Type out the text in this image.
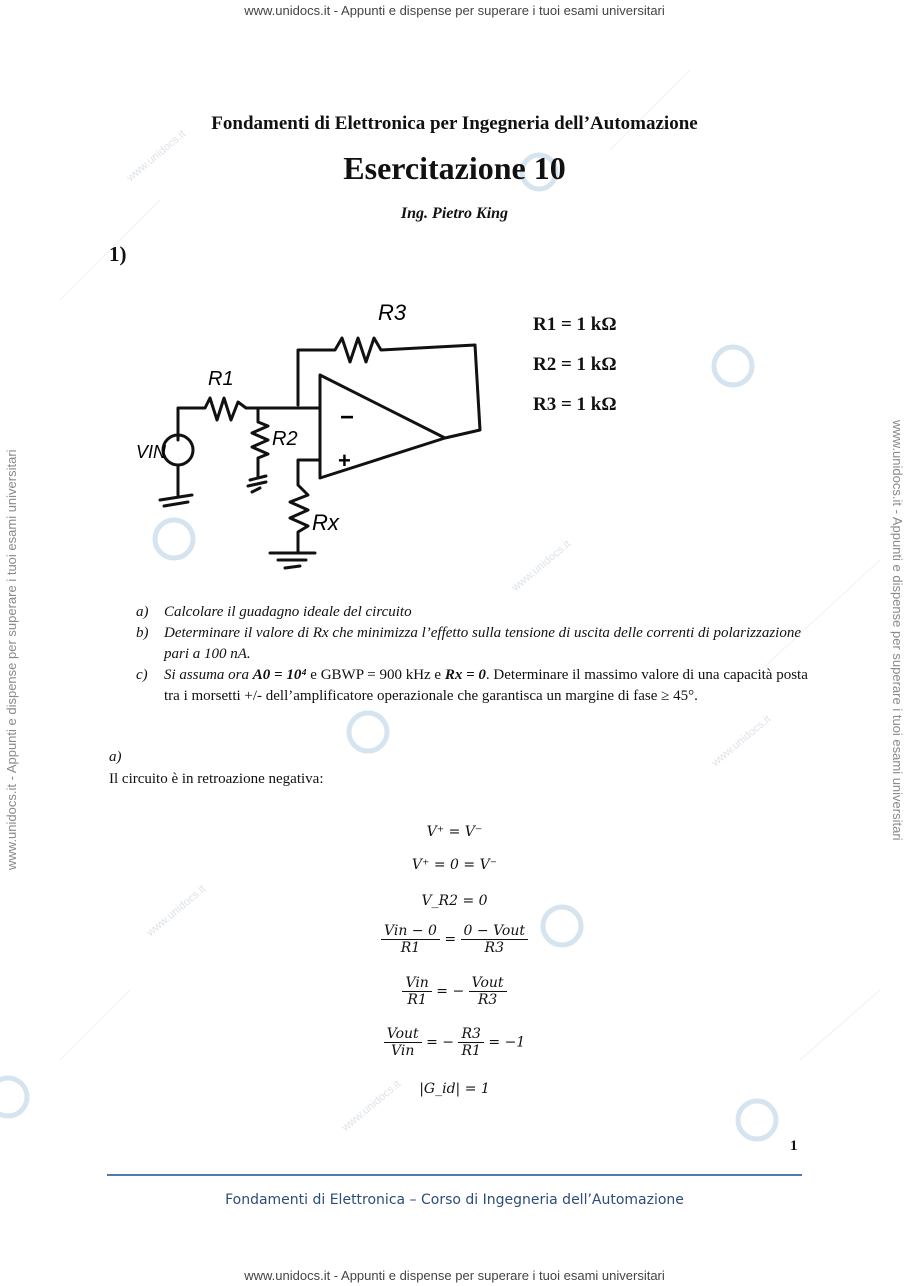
www.unidocs.it - Appunti e dispense per superare i tuoi esami universitari
www.unidocs.it - Appunti e dispense per superare i tuoi esami universitari
www.unidocs.it - Appunti e dispense per superare i tuoi esami universitari	www.unidocs.it - Appunti e dispense per superare i tuoi esami universitari
www.unidocs.it
www.unidocs.it
www.unidocs.it
www.unidocs.it
www.unidocs.it
Fondamenti di Elettronica per Ingegneria dell’Automazione
Esercitazione 10
Ing. Pietro King
1)
R1
R2
R3
Rx
VIN
−
+
R1 = 1 kΩ
R2 = 1 kΩ
R3 = 1 kΩ
a) Calcolare il guadagno ideale del circuito
b) Determinare il valore di Rx che minimizza l’effetto sulla tensione di uscita delle correnti di polarizzazione pari a 100 nA.
c) Si assuma ora A0 = 10⁴ e GBWP = 900 kHz e Rx = 0. Determinare il massimo valore di una capacità posta tra i morsetti +/- dell’amplificatore operazionale che garantisca un margine di fase ≥ 45°.
a)
Il circuito è in retroazione negativa:
V⁺ = V⁻
V⁺ = 0 = V⁻
V_R2 = 0
$\frac{\text{Vin − 0}}{R1} = \frac{\text{0 − Vout}}{R3}$
$\frac{\text{Vin}}{R1}$ = − $\frac{\text{Vout}}{R3}$
$\frac{\text{Vout}}{\text{Vin}}$ = − $\frac{R3}{R1} = -1$
|G_id| = 1
1
Fondamenti di Elettronica – Corso di Ingegneria dell’Automazione
